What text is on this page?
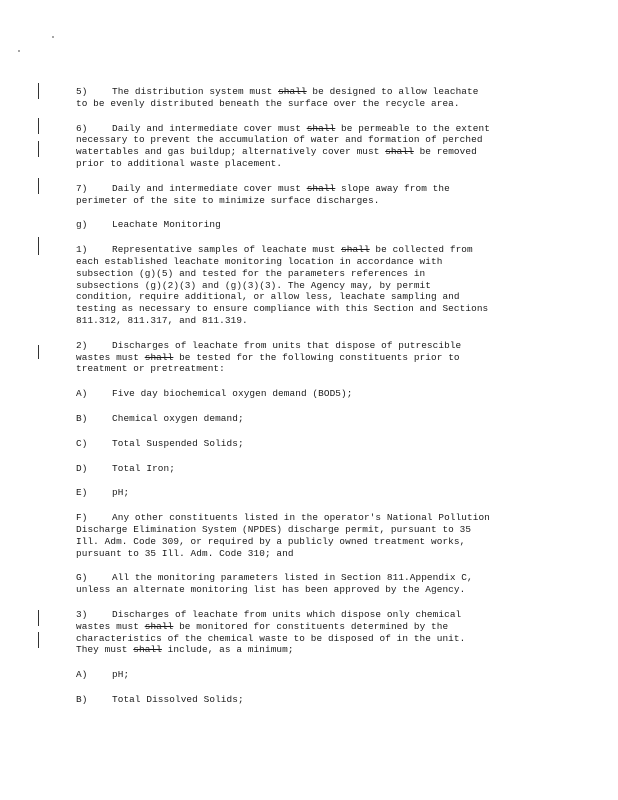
5)	The distribution system must shall be designed to allow leachate
to be evenly distributed beneath the surface over the recycle area.
6)	Daily and intermediate cover must shall be permeable to the extent
necessary to prevent the accumulation of water and formation of perched
watertables and gas buildup; alternatively cover must shall be removed
prior to additional waste placement.
7)	Daily and intermediate cover must shall slope away from the
perimeter of the site to minimize surface discharges.
g)	Leachate Monitoring
1)	Representative samples of leachate must shall be collected from
each established leachate monitoring location in accordance with
subsection (g)(5) and tested for the parameters references in
subsections (g)(2)(3) and (g)(3)(3). The Agency may, by permit
condition, require additional, or allow less, leachate sampling and
testing as necessary to ensure compliance with this Section and Sections
811.312, 811.317, and 811.319.
2)	Discharges of leachate from units that dispose of putrescible
wastes must shall be tested for the following constituents prior to
treatment or pretreatment:
A)	Five day biochemical oxygen demand (BOD5);
B)	Chemical oxygen demand;
C)	Total Suspended Solids;
D)	Total Iron;
E)	pH;
F)	Any other constituents listed in the operator's National Pollution
Discharge Elimination System (NPDES) discharge permit, pursuant to 35
Ill. Adm. Code 309, or required by a publicly owned treatment works,
pursuant to 35 Ill. Adm. Code 310; and
G)	All the monitoring parameters listed in Section 811.Appendix C,
unless an alternate monitoring list has been approved by the Agency.
3)	Discharges of leachate from units which dispose only chemical
wastes must shall be monitored for constituents determined by the
characteristics of the chemical waste to be disposed of in the unit.
They must shall include, as a minimum;
A)	pH;
B)	Total Dissolved Solids;
